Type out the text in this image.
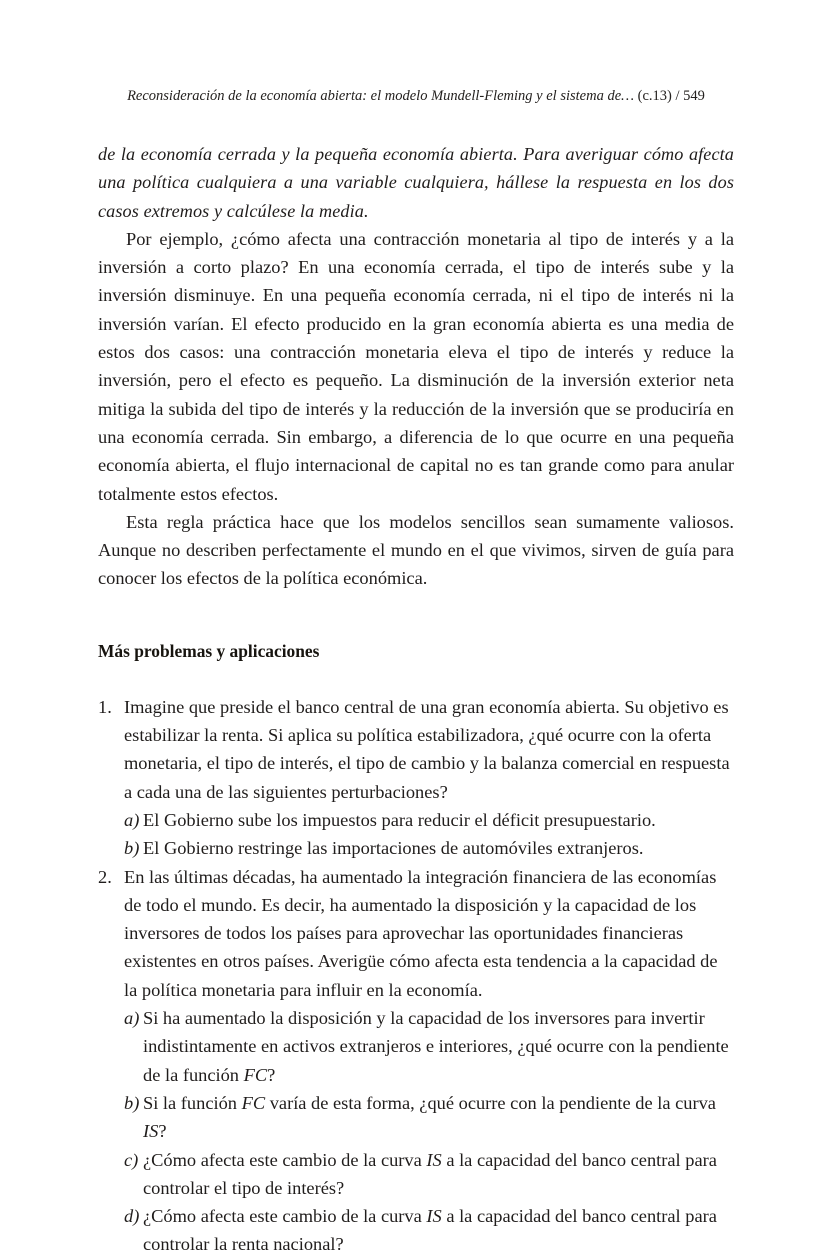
Reconsideración de la economía abierta: el modelo Mundell-Fleming y el sistema de… (c.13) / 549

de la economía cerrada y la pequeña economía abierta. Para averiguar cómo afecta una política cualquiera a una variable cualquiera, hállese la respuesta en los dos casos extremos y calcúlese la media.

Por ejemplo, ¿cómo afecta una contracción monetaria al tipo de interés y a la inversión a corto plazo? En una economía cerrada, el tipo de interés sube y la inversión disminuye. En una pequeña economía cerrada, ni el tipo de interés ni la inversión varían. El efecto producido en la gran economía abierta es una media de estos dos casos: una contracción monetaria eleva el tipo de interés y reduce la inversión, pero el efecto es pequeño. La disminución de la inversión exterior neta mitiga la subida del tipo de interés y la reducción de la inversión que se produciría en una economía cerrada. Sin embargo, a diferencia de lo que ocurre en una pequeña economía abierta, el flujo internacional de capital no es tan grande como para anular totalmente estos efectos.

Esta regla práctica hace que los modelos sencillos sean sumamente valiosos. Aunque no describen perfectamente el mundo en el que vivimos, sirven de guía para conocer los efectos de la política económica.

Más problemas y aplicaciones

1. Imagine que preside el banco central de una gran economía abierta. Su objetivo es estabilizar la renta. Si aplica su política estabilizadora, ¿qué ocurre con la oferta monetaria, el tipo de interés, el tipo de cambio y la balanza comercial en respuesta a cada una de las siguientes perturbaciones?
a) El Gobierno sube los impuestos para reducir el déficit presupuestario.
b) El Gobierno restringe las importaciones de automóviles extranjeros.
2. En las últimas décadas, ha aumentado la integración financiera de las economías de todo el mundo. Es decir, ha aumentado la disposición y la capacidad de los inversores de todos los países para aprovechar las oportunidades financieras existentes en otros países. Averigüe cómo afecta esta tendencia a la capacidad de la política monetaria para influir en la economía.
a) Si ha aumentado la disposición y la capacidad de los inversores para invertir indistintamente en activos extranjeros e interiores, ¿qué ocurre con la pendiente de la función FC?
b) Si la función FC varía de esta forma, ¿qué ocurre con la pendiente de la curva IS?
c) ¿Cómo afecta este cambio de la curva IS a la capacidad del banco central para controlar el tipo de interés?
d) ¿Cómo afecta este cambio de la curva IS a la capacidad del banco central para controlar la renta nacional?
